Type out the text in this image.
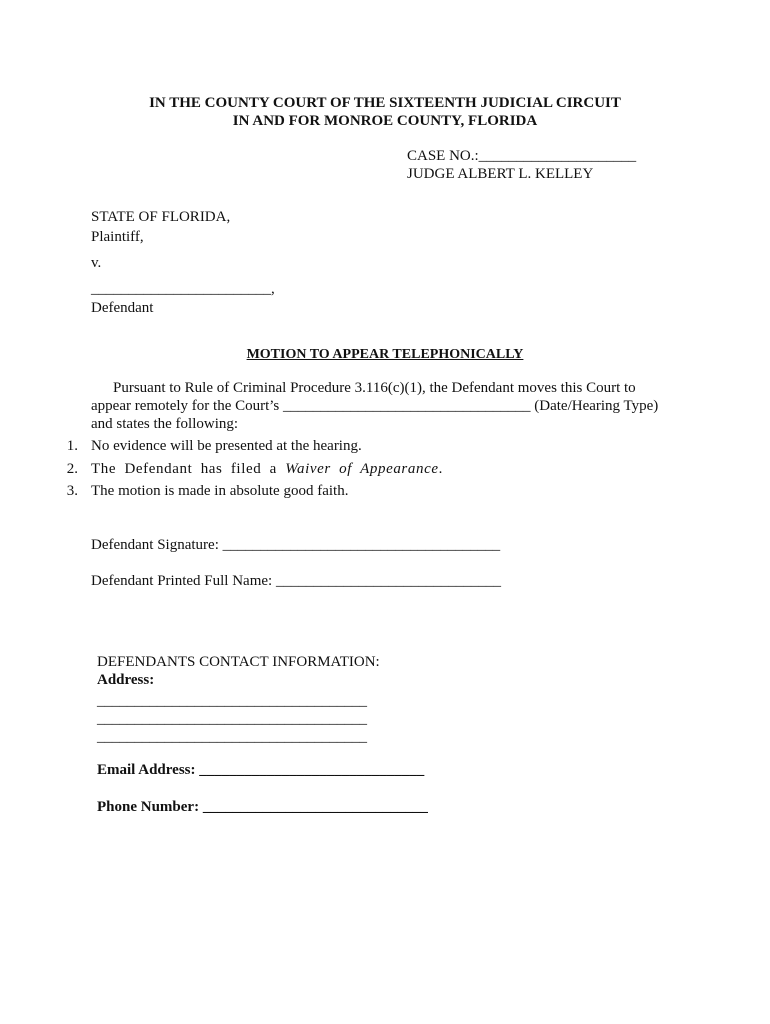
IN THE COUNTY COURT OF THE SIXTEENTH JUDICIAL CIRCUIT
IN AND FOR MONROE COUNTY, FLORIDA
CASE NO.:_____________________
JUDGE ALBERT L. KELLEY
STATE OF FLORIDA,
Plaintiff,
v.
________________________,
Defendant
MOTION TO APPEAR TELEPHONICALLY
Pursuant to Rule of Criminal Procedure 3.116(c)(1), the Defendant moves this Court to
appear remotely for the Court’s _________________________________ (Date/Hearing Type)
and states the following:
1. No evidence will be presented at the hearing.
2. The Defendant has filed a Waiver of Appearance.
3. The motion is made in absolute good faith.
Defendant Signature: _____________________________________
Defendant Printed Full Name: ______________________________
DEFENDANTS CONTACT INFORMATION:
Address:
____________________________________
____________________________________
____________________________________
Email Address: ______________________________
Phone Number: ______________________________
